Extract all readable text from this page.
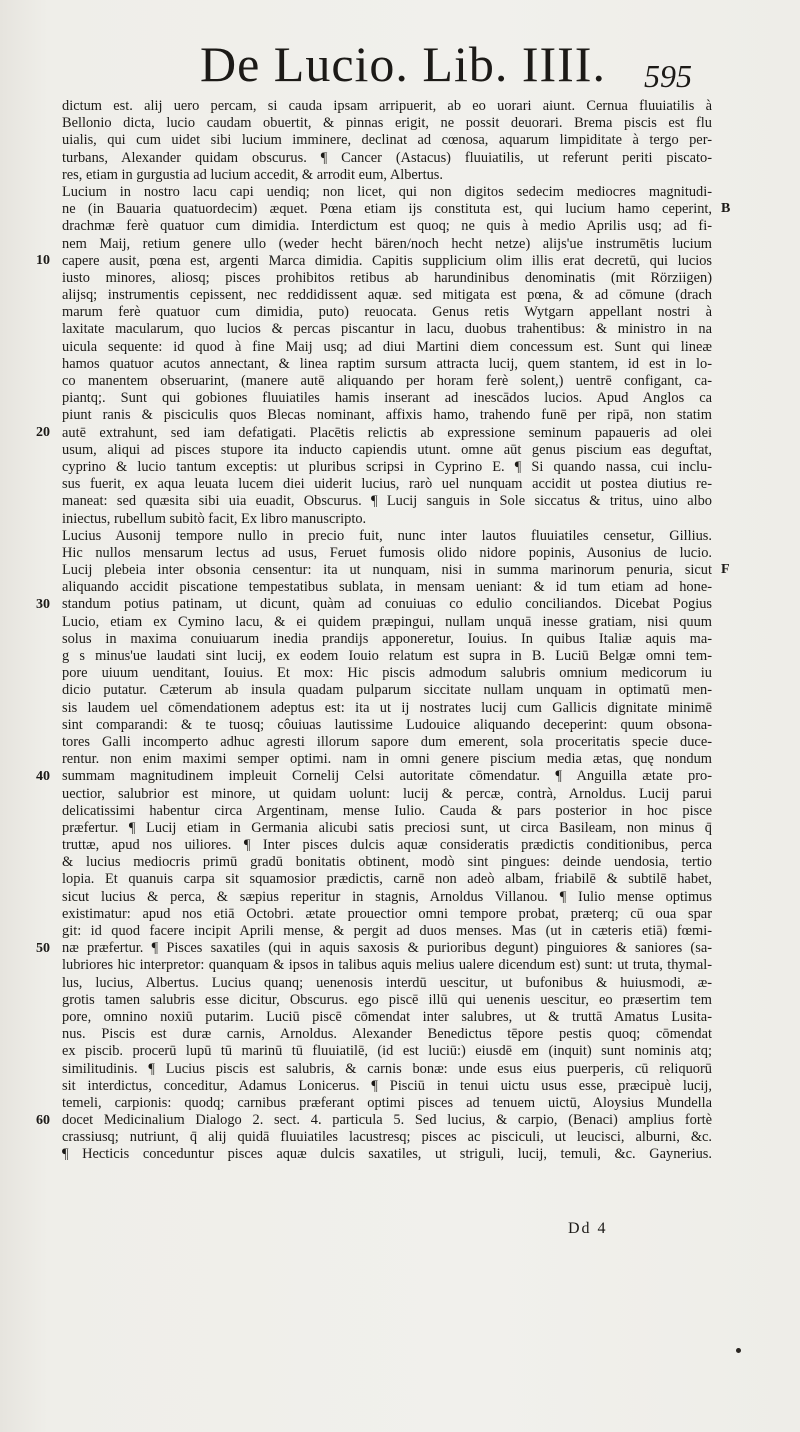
De Lucio. Lib. IIII. 595
dictum est. alij uero percam, si cauda ipsam arripuerit, ab eo uorari aiunt. Cernua fluuiatilis à
Bellonio dicta, lucio caudam obuertit, & pinnas erigit, ne possit deuorari. Brema piscis est flu
uialis, qui cum uidet sibi lucium imminere, declinat ad cœnosa, aquarum limpiditate à tergo per-
turbans, Alexander quidam obscurus. ¶ Cancer (Astacus) fluuiatilis, ut referunt periti piscato-
res, etiam in gurgustia ad lucium accedit, & arrodit eum, Albertus.
Lucium in nostro lacu capi uendiq; non licet, qui non digitos sedecim mediocres magnitudi-
ne (in Bauaria quatuordecim) æquet. Pœna etiam ijs constituta est, qui lucium hamo ceperint,
drachmæ ferè quatuor cum dimidia. Interdictum est quoq; ne quis à medio Aprilis usq; ad fi-
nem Maij, retium genere ullo (weder hecht bären/noch hecht netze) alijs'ue instrumētis lucium
capere ausit, pœna est, argenti Marca dimidia. Capitis supplicium olim illis erat decretū, qui lucios
iusto minores, aliosq; pisces prohibitos retibus ab harundinibus denominatis (mit Rörziigen)
alijsq; instrumentis cepissent, nec reddidissent aquæ. sed mitigata est pœna, & ad cōmune (drach
marum ferè quatuor cum dimidia, puto) reuocata. Genus retis Wytgarn appellant nostri à
laxitate macularum, quo lucios & percas piscantur in lacu, duobus trahentibus: & ministro in na
uicula sequente: id quod à fine Maij usq; ad diui Martini diem concessum est. Sunt qui lineæ
hamos quatuor acutos annectant, & linea raptim sursum attracta lucij, quem stantem, id est in lo-
co manentem obseruarint, (manere autē aliquando per horam ferè solent,) uentrē configant, ca-
piantq;. Sunt qui gobiones fluuiatiles hamis inserant ad inescādos lucios. Apud Anglos ca
piunt ranis & pisciculis quos Blecas nominant, affixis hamo, trahendo funē per ripā, non statim
autē extrahunt, sed iam defatigati. Placētis relictis ab expressione seminum papaueris ad olei
usum, aliqui ad pisces stupore ita inducto capiendis utunt. omne aūt genus piscium eas deguftat,
cyprino & lucio tantum exceptis: ut pluribus scripsi in Cyprino E. ¶ Si quando nassa, cui inclu-
sus fuerit, ex aqua leuata lucem diei uiderit lucius, rarò uel nunquam accidit ut postea diutius re-
maneat: sed quæsita sibi uia euadit, Obscurus. ¶ Lucij sanguis in Sole siccatus & tritus, uino albo
iniectus, rubellum subitò facit, Ex libro manuscripto.
Lucius Ausonij tempore nullo in precio fuit, nunc inter lautos fluuiatiles censetur, Gillius.
Hic nullos mensarum lectus ad usus, Feruet fumosis olido nidore popinis, Ausonius de lucio.
Lucij plebeia inter obsonia censentur: ita ut nunquam, nisi in summa marinorum penuria, sicut
aliquando accidit piscatione tempestatibus sublata, in mensam ueniant: & id tum etiam ad hone-
standum potius patinam, ut dicunt, quàm ad conuiuas co edulio conciliandos. Dicebat Pogius
Lucio, etiam ex Cymino lacu, & ei quidem præpingui, nullam unquā inesse gratiam, nisi quum
solus in maxima conuiuarum inedia prandijs apponeretur, Iouius. In quibus Italiæ aquis ma-
g s minus'ue laudati sint lucij, ex eodem Iouio relatum est supra in B. Luciū Belgæ omni tem-
pore uiuum uenditant, Iouius. Et mox: Hic piscis admodum salubris omnium medicorum iu
dicio putatur. Cæterum ab insula quadam pulparum siccitate nullam unquam in optimatū men-
sis laudem uel cōmendationem adeptus est: ita ut ij nostrates lucij cum Gallicis dignitate minimē
sint comparandi: & te tuosq; côuiuas lautissime Ludouice aliquando deceperint: quum obsona-
tores Galli incomperto adhuc agresti illorum sapore dum emerent, sola proceritatis specie duce-
rentur. non enim maximi semper optimi. nam in omni genere piscium media ætas, quę nondum
summam magnitudinem impleuit Cornelij Celsi autoritate cōmendatur. ¶ Anguilla ætate pro-
uectior, salubrior est minore, ut quidam uolunt: lucij & percæ, contrà, Arnoldus. Lucij parui
delicatissimi habentur circa Argentinam, mense Iulio. Cauda & pars posterior in hoc pisce
præfertur. ¶ Lucij etiam in Germania alicubi satis preciosi sunt, ut circa Basileam, non minus q̄
truttæ, apud nos uiliores. ¶ Inter pisces dulcis aquæ consideratis prædictis conditionibus, perca
& lucius mediocris primū gradū bonitatis obtinent, modò sint pingues: deinde uendosia, tertio
lopia. Et quanuis carpa sit squamosior prædictis, carnē non adeò albam, friabilē & subtilē habet,
sicut lucius & perca, & sæpius reperitur in stagnis, Arnoldus Villanou. ¶ Iulio mense optimus
existimatur: apud nos etiā Octobri. ætate prouectior omni tempore probat, præterq; cū oua spar
git: id quod facere incipit Aprili mense, & pergit ad duos menses. Mas (ut in cæteris etiā) fœmi-
næ præfertur. ¶ Pisces saxatiles (qui in aquis saxosis & purioribus degunt) pinguiores & saniores (sa-
lubriores hic interpretor: quanquam & ipsos in talibus aquis melius ualere dicendum est) sunt: ut truta, thymal-
lus, lucius, Albertus. Lucius quanq; uenenosis interdū uescitur, ut bufonibus & huiusmodi, æ-
grotis tamen salubris esse dicitur, Obscurus. ego piscē illū qui uenenis uescitur, eo præsertim tem
pore, omnino noxiū putarim. Luciū piscē cōmendat inter salubres, ut & truttā Amatus Lusita-
nus. Piscis est duræ carnis, Arnoldus. Alexander Benedictus tēpore pestis quoq; cōmendat
ex piscib. procerū lupū tū marinū tū fluuiatilē, (id est luciū:) eiusdē em (inquit) sunt nominis atq;
similitudinis. ¶ Lucius piscis est salubris, & carnis bonæ: unde esus eius puerperis, cū reliquorū
sit interdictus, conceditur, Adamus Lonicerus. ¶ Pisciū in tenui uictu usus esse, præcipuè lucij,
temeli, carpionis: quodq; carnibus præferant optimi pisces ad tenuem uictū, Aloysius Mundella
docet Medicinalium Dialogo 2. sect. 4. particula 5. Sed lucius, & carpio, (Benaci) amplius fortè
crassiusq; nutriunt, q̄ alij quidā fluuiatiles lacustresq; pisces ac pisciculi, ut leucisci, alburni, &c.
¶ Hecticis conceduntur pisces aquæ dulcis saxatiles, ut striguli, lucij, temuli, &c. Gaynerius.
10
20
30
40
50
60
B
F
Dd 4
